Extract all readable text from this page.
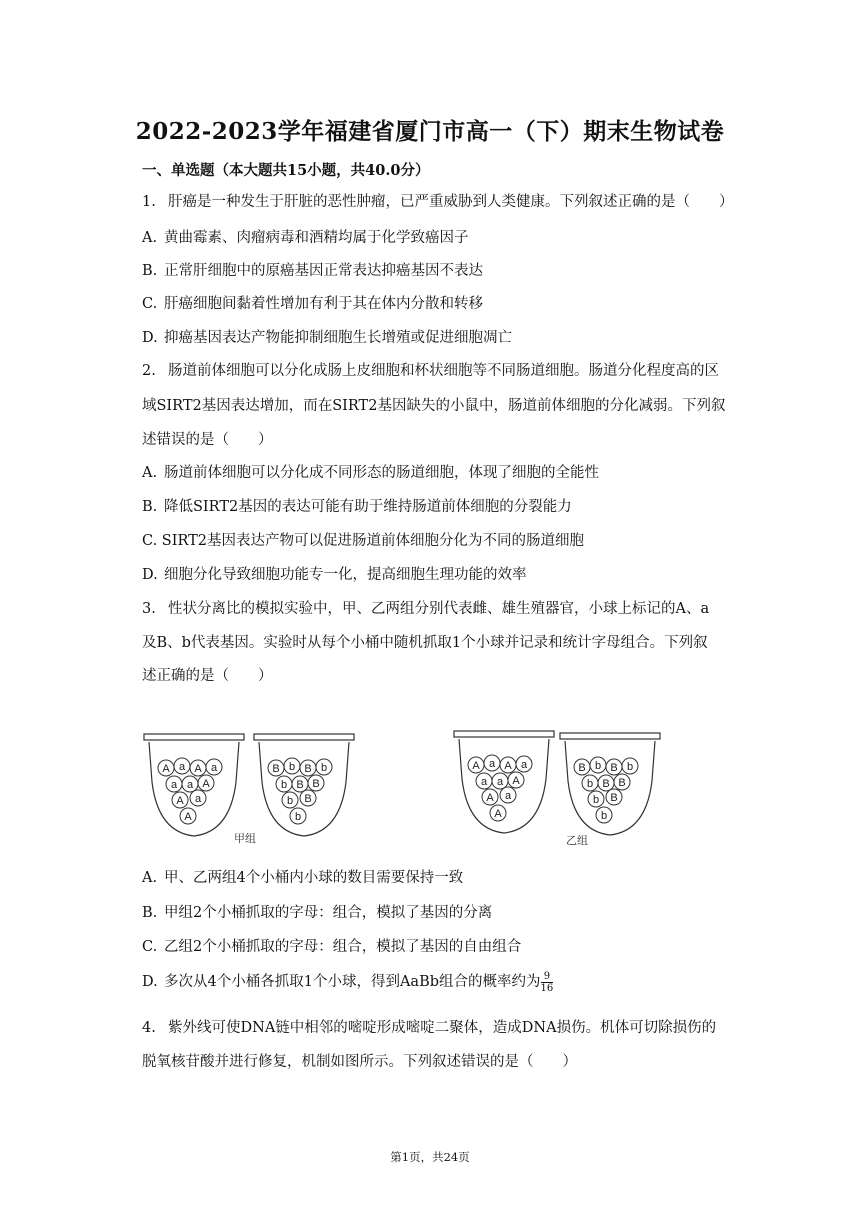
2022-2023学年福建省厦门市高一（下）期末生物试卷
一、单选题（本大题共15小题，共40.0分）
1. 肝癌是一种发生于肝脏的恶性肿瘤，已严重威胁到人类健康。下列叙述正确的是（　　）
A. 黄曲霉素、肉瘤病毒和酒精均属于化学致癌因子
B. 正常肝细胞中的原癌基因正常表达抑癌基因不表达
C. 肝癌细胞间黏着性增加有利于其在体内分散和转移
D. 抑癌基因表达产物能抑制细胞生长增殖或促进细胞凋亡
2. 肠道前体细胞可以分化成肠上皮细胞和杯状细胞等不同肠道细胞。肠道分化程度高的区
域SIRT2基因表达增加，而在SIRT2基因缺失的小鼠中，肠道前体细胞的分化减弱。下列叙
述错误的是（　　）
A. 肠道前体细胞可以分化成不同形态的肠道细胞，体现了细胞的全能性
B. 降低SIRT2基因的表达可能有助于维持肠道前体细胞的分裂能力
C. SIRT2基因表达产物可以促进肠道前体细胞分化为不同的肠道细胞
D. 细胞分化导致细胞功能专一化，提高细胞生理功能的效率
3. 性状分离比的模拟实验中，甲、乙两组分别代表雌、雄生殖器官，小球上标记的A、a
及B、b代表基因。实验时从每个小桶中随机抓取1个小球并记录和统计字母组合。下列叙
述正确的是（　　）
A a A a
a a A
A a
A
B b B b
b B B
b B
b
A a A a
a a A
A a
A
B b B b
b B B
b B
b
甲组	乙组
A. 甲、乙两组4个小桶内小球的数目需要保持一致
B. 甲组2个小桶抓取的字母：组合，模拟了基因的分离
C. 乙组2个小桶抓取的字母：组合，模拟了基因的自由组合
D. 多次从4个小桶各抓取1个小球，得到AaBb组合的概率约为 $\frac{9}{16}$
4. 紫外线可使DNA链中相邻的嘧啶形成嘧啶二聚体，造成DNA损伤。机体可切除损伤的
脱氧核苷酸并进行修复，机制如图所示。下列叙述错误的是（　　）
第1页，共24页
